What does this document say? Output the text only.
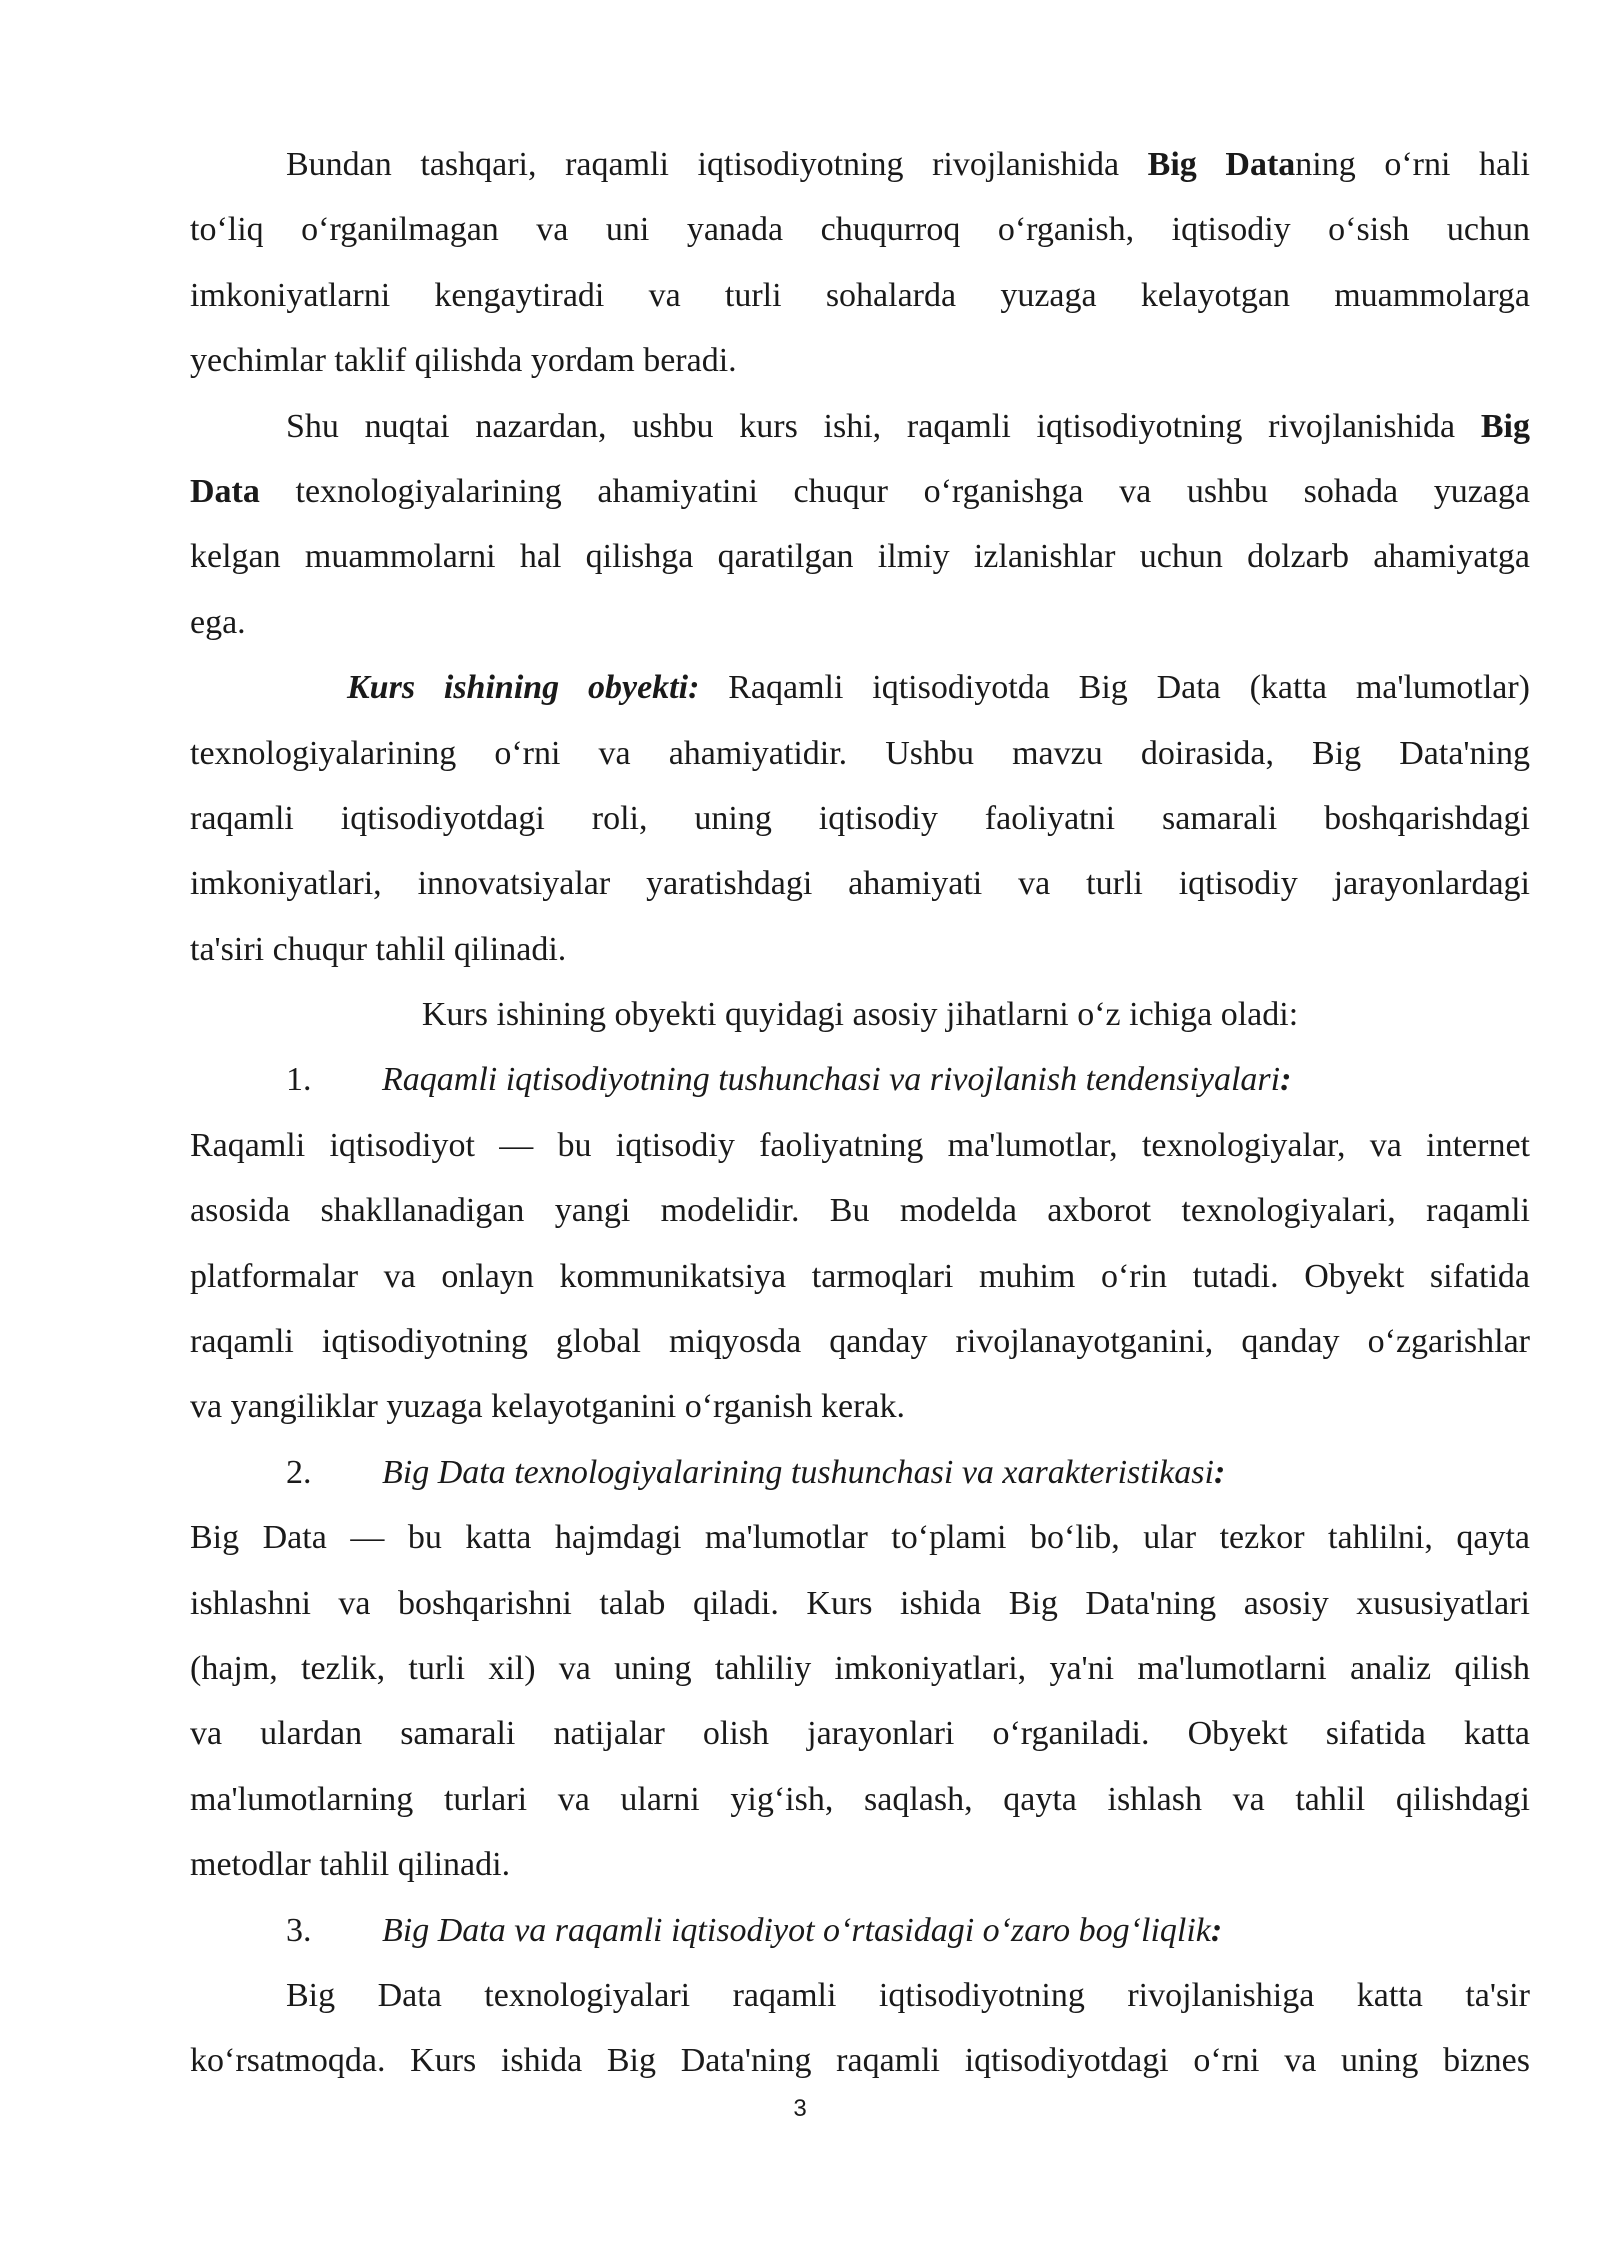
Bundan tashqari, raqamli iqtisodiyotning rivojlanishida Big Dataning o‘rni hali
to‘liq o‘rganilmagan va uni yanada chuqurroq o‘rganish, iqtisodiy o‘sish uchun
imkoniyatlarni kengaytiradi va turli sohalarda yuzaga kelayotgan muammolarga
yechimlar taklif qilishda yordam beradi.
Shu nuqtai nazardan, ushbu kurs ishi, raqamli iqtisodiyotning rivojlanishida Big
Data texnologiyalarining ahamiyatini chuqur o‘rganishga va ushbu sohada yuzaga
kelgan muammolarni hal qilishga qaratilgan ilmiy izlanishlar uchun dolzarb ahamiyatga
ega.
Kurs ishining obyekti: Raqamli iqtisodiyotda Big Data (katta ma'lumotlar)
texnologiyalarining o‘rni va ahamiyatidir. Ushbu mavzu doirasida, Big Data'ning
raqamli iqtisodiyotdagi roli, uning iqtisodiy faoliyatni samarali boshqarishdagi
imkoniyatlari, innovatsiyalar yaratishdagi ahamiyati va turli iqtisodiy jarayonlardagi
ta'siri chuqur tahlil qilinadi.
Kurs ishining obyekti quyidagi asosiy jihatlarni o‘z ichiga oladi:
1. Raqamli iqtisodiyotning tushunchasi va rivojlanish tendensiyalari:
Raqamli iqtisodiyot — bu iqtisodiy faoliyatning ma'lumotlar, texnologiyalar, va internet
asosida shakllanadigan yangi modelidir. Bu modelda axborot texnologiyalari, raqamli
platformalar va onlayn kommunikatsiya tarmoqlari muhim o‘rin tutadi. Obyekt sifatida
raqamli iqtisodiyotning global miqyosda qanday rivojlanayotganini, qanday o‘zgarishlar
va yangiliklar yuzaga kelayotganini o‘rganish kerak.
2. Big Data texnologiyalarining tushunchasi va xarakteristikasi:
Big Data — bu katta hajmdagi ma'lumotlar to‘plami bo‘lib, ular tezkor tahlilni, qayta
ishlashni va boshqarishni talab qiladi. Kurs ishida Big Data'ning asosiy xususiyatlari
(hajm, tezlik, turli xil) va uning tahliliy imkoniyatlari, ya'ni ma'lumotlarni analiz qilish
va ulardan samarali natijalar olish jarayonlari o‘rganiladi. Obyekt sifatida katta
ma'lumotlarning turlari va ularni yig‘ish, saqlash, qayta ishlash va tahlil qilishdagi
metodlar tahlil qilinadi.
3. Big Data va raqamli iqtisodiyot o‘rtasidagi o‘zaro bog‘liqlik:
Big Data texnologiyalari raqamli iqtisodiyotning rivojlanishiga katta ta'sir
ko‘rsatmoqda. Kurs ishida Big Data'ning raqamli iqtisodiyotdagi o‘rni va uning biznes
3
